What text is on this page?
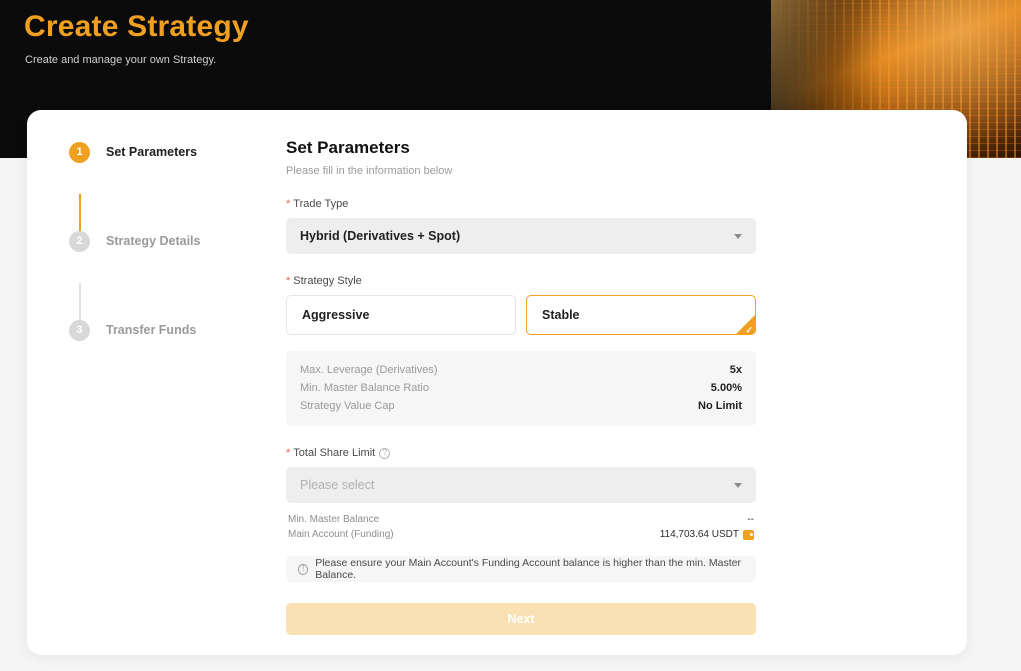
Create Strategy
Create and manage your own Strategy.
1	Set Parameters
2	Strategy Details
3	Transfer Funds
Set Parameters
Please fill in the information below
* Trade Type
Hybrid (Derivatives + Spot)
* Strategy Style
Aggressive	Stable
✓
Max. Leverage (Derivatives)	5x
Min. Master Balance Ratio	5.00%
Strategy Value Cap	No Limit
* Total Share Limit ?
Please select
Min. Master Balance	--
Main Account (Funding)	114,703.64 USDT
!	Please ensure your Main Account's Funding Account balance is higher than the min. Master Balance.
Next
